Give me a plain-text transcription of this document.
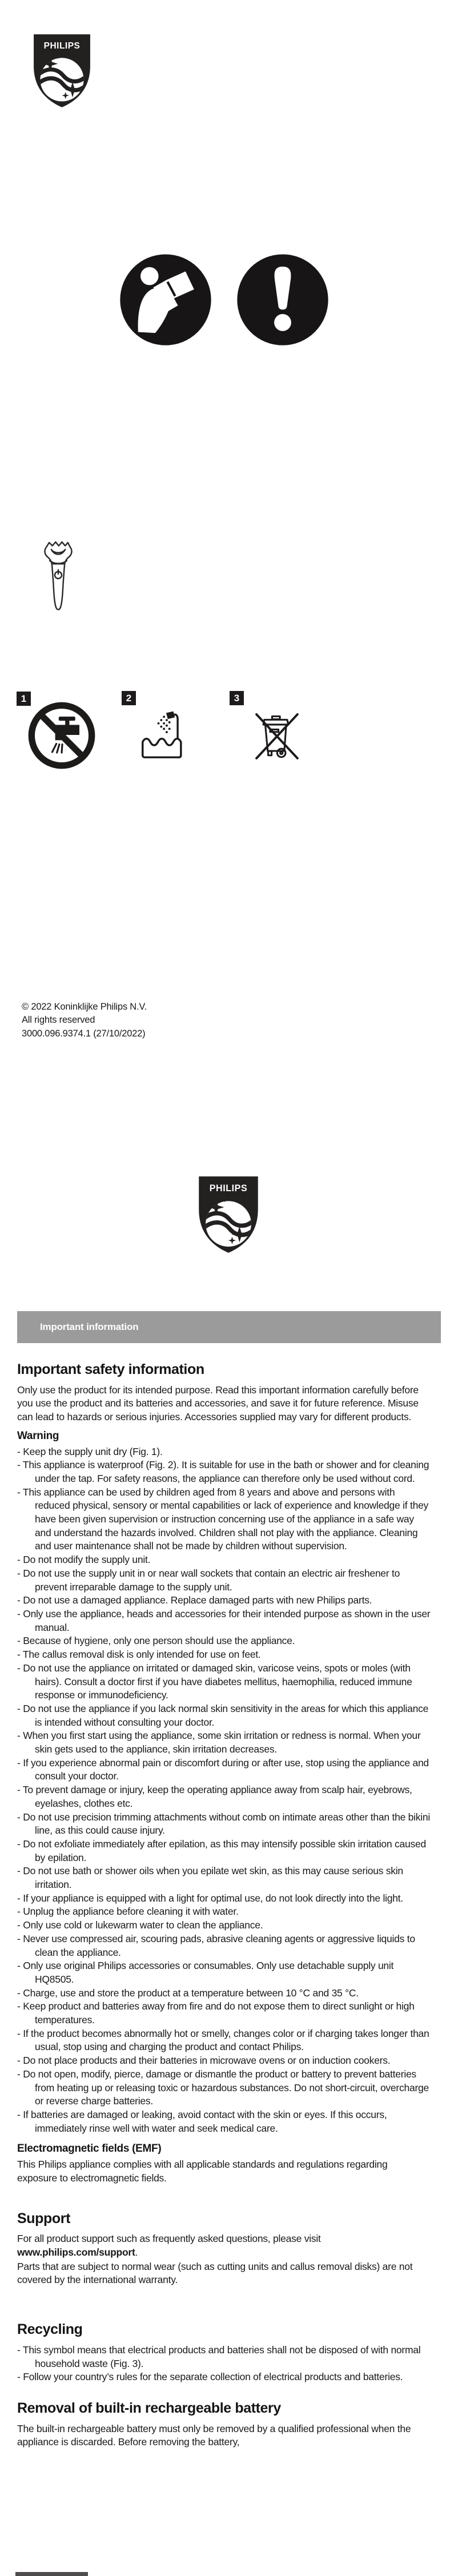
1	2	3
© 2022 Koninklijke Philips N.V.
All rights reserved
3000.096.9374.1 (27/10/2022)
Important information
Important safety information

Only use the product for its intended purpose. Read this important information carefully before you use the product and its batteries and accessories, and save it for future reference. Misuse can lead to hazards or serious injuries. Accessories supplied may vary for different products.

Warning
- Keep the supply unit dry (Fig. 1).
- This appliance is waterproof (Fig. 2). It is suitable for use in the bath or shower and for cleaning under the tap. For safety reasons, the appliance can therefore only be used without cord.
- This appliance can be used by children aged from 8 years and above and persons with reduced physical, sensory or mental capabilities or lack of experience and knowledge if they have been given supervision or instruction concerning use of the appliance in a safe way and understand the hazards involved. Children shall not play with the appliance. Cleaning and user maintenance shall not be made by children without supervision.
- Do not modify the supply unit.
- Do not use the supply unit in or near wall sockets that contain an electric air freshener to prevent irreparable damage to the supply unit.
- Do not use a damaged appliance. Replace damaged parts with new Philips parts.
- Only use the appliance, heads and accessories for their intended purpose as shown in the user manual.
- Because of hygiene, only one person should use the appliance.
- The callus removal disk is only intended for use on feet.
- Do not use the appliance on irritated or damaged skin, varicose veins, spots or moles (with hairs). Consult a doctor first if you have diabetes mellitus, haemophilia, reduced immune response or immunodeficiency.
- Do not use the appliance if you lack normal skin sensitivity in the areas for which this appliance is intended without consulting your doctor.
- When you first start using the appliance, some skin irritation or redness is normal. When your skin gets used to the appliance, skin irritation decreases.
- If you experience abnormal pain or discomfort during or after use, stop using the appliance and consult your doctor.
- To prevent damage or injury, keep the operating appliance away from scalp hair, eyebrows, eyelashes, clothes etc.
- Do not use precision trimming attachments without comb on intimate areas other than the bikini line, as this could cause injury.
- Do not exfoliate immediately after epilation, as this may intensify possible skin irritation caused by epilation.
- Do not use bath or shower oils when you epilate wet skin, as this may cause serious skin irritation.
- If your appliance is equipped with a light for optimal use, do not look directly into the light.
- Unplug the appliance before cleaning it with water.
- Only use cold or lukewarm water to clean the appliance.
- Never use compressed air, scouring pads, abrasive cleaning agents or aggressive liquids to clean the appliance.
- Only use original Philips accessories or consumables. Only use detachable supply unit HQ8505.
- Charge, use and store the product at a temperature between 10 °C and 35 °C.
- Keep product and batteries away from fire and do not expose them to direct sunlight or high temperatures.
- If the product becomes abnormally hot or smelly, changes color or if charging takes longer than usual, stop using and charging the product and contact Philips.
- Do not place products and their batteries in microwave ovens or on induction cookers.
- Do not open, modify, pierce, damage or dismantle the product or battery to prevent batteries from heating up or releasing toxic or hazardous substances. Do not short-circuit, overcharge or reverse charge batteries.
- If batteries are damaged or leaking, avoid contact with the skin or eyes. If this occurs, immediately rinse well with water and seek medical care.
Electromagnetic fields (EMF)

This Philips appliance complies with all applicable standards and regulations regarding exposure to electromagnetic fields.

Support

For all product support such as frequently asked questions, please visit www.philips.com/support.

Parts that are subject to normal wear (such as cutting units and callus removal disks) are not covered by the international warranty.

Recycling
- This symbol means that electrical products and batteries shall not be disposed of with normal household waste (Fig. 3).
- Follow your country’s rules for the separate collection of electrical products and batteries.
Removal of built-in rechargeable battery

The built-in rechargeable battery must only be removed by a qualified professional when the appliance is discarded. Before removing the battery,
